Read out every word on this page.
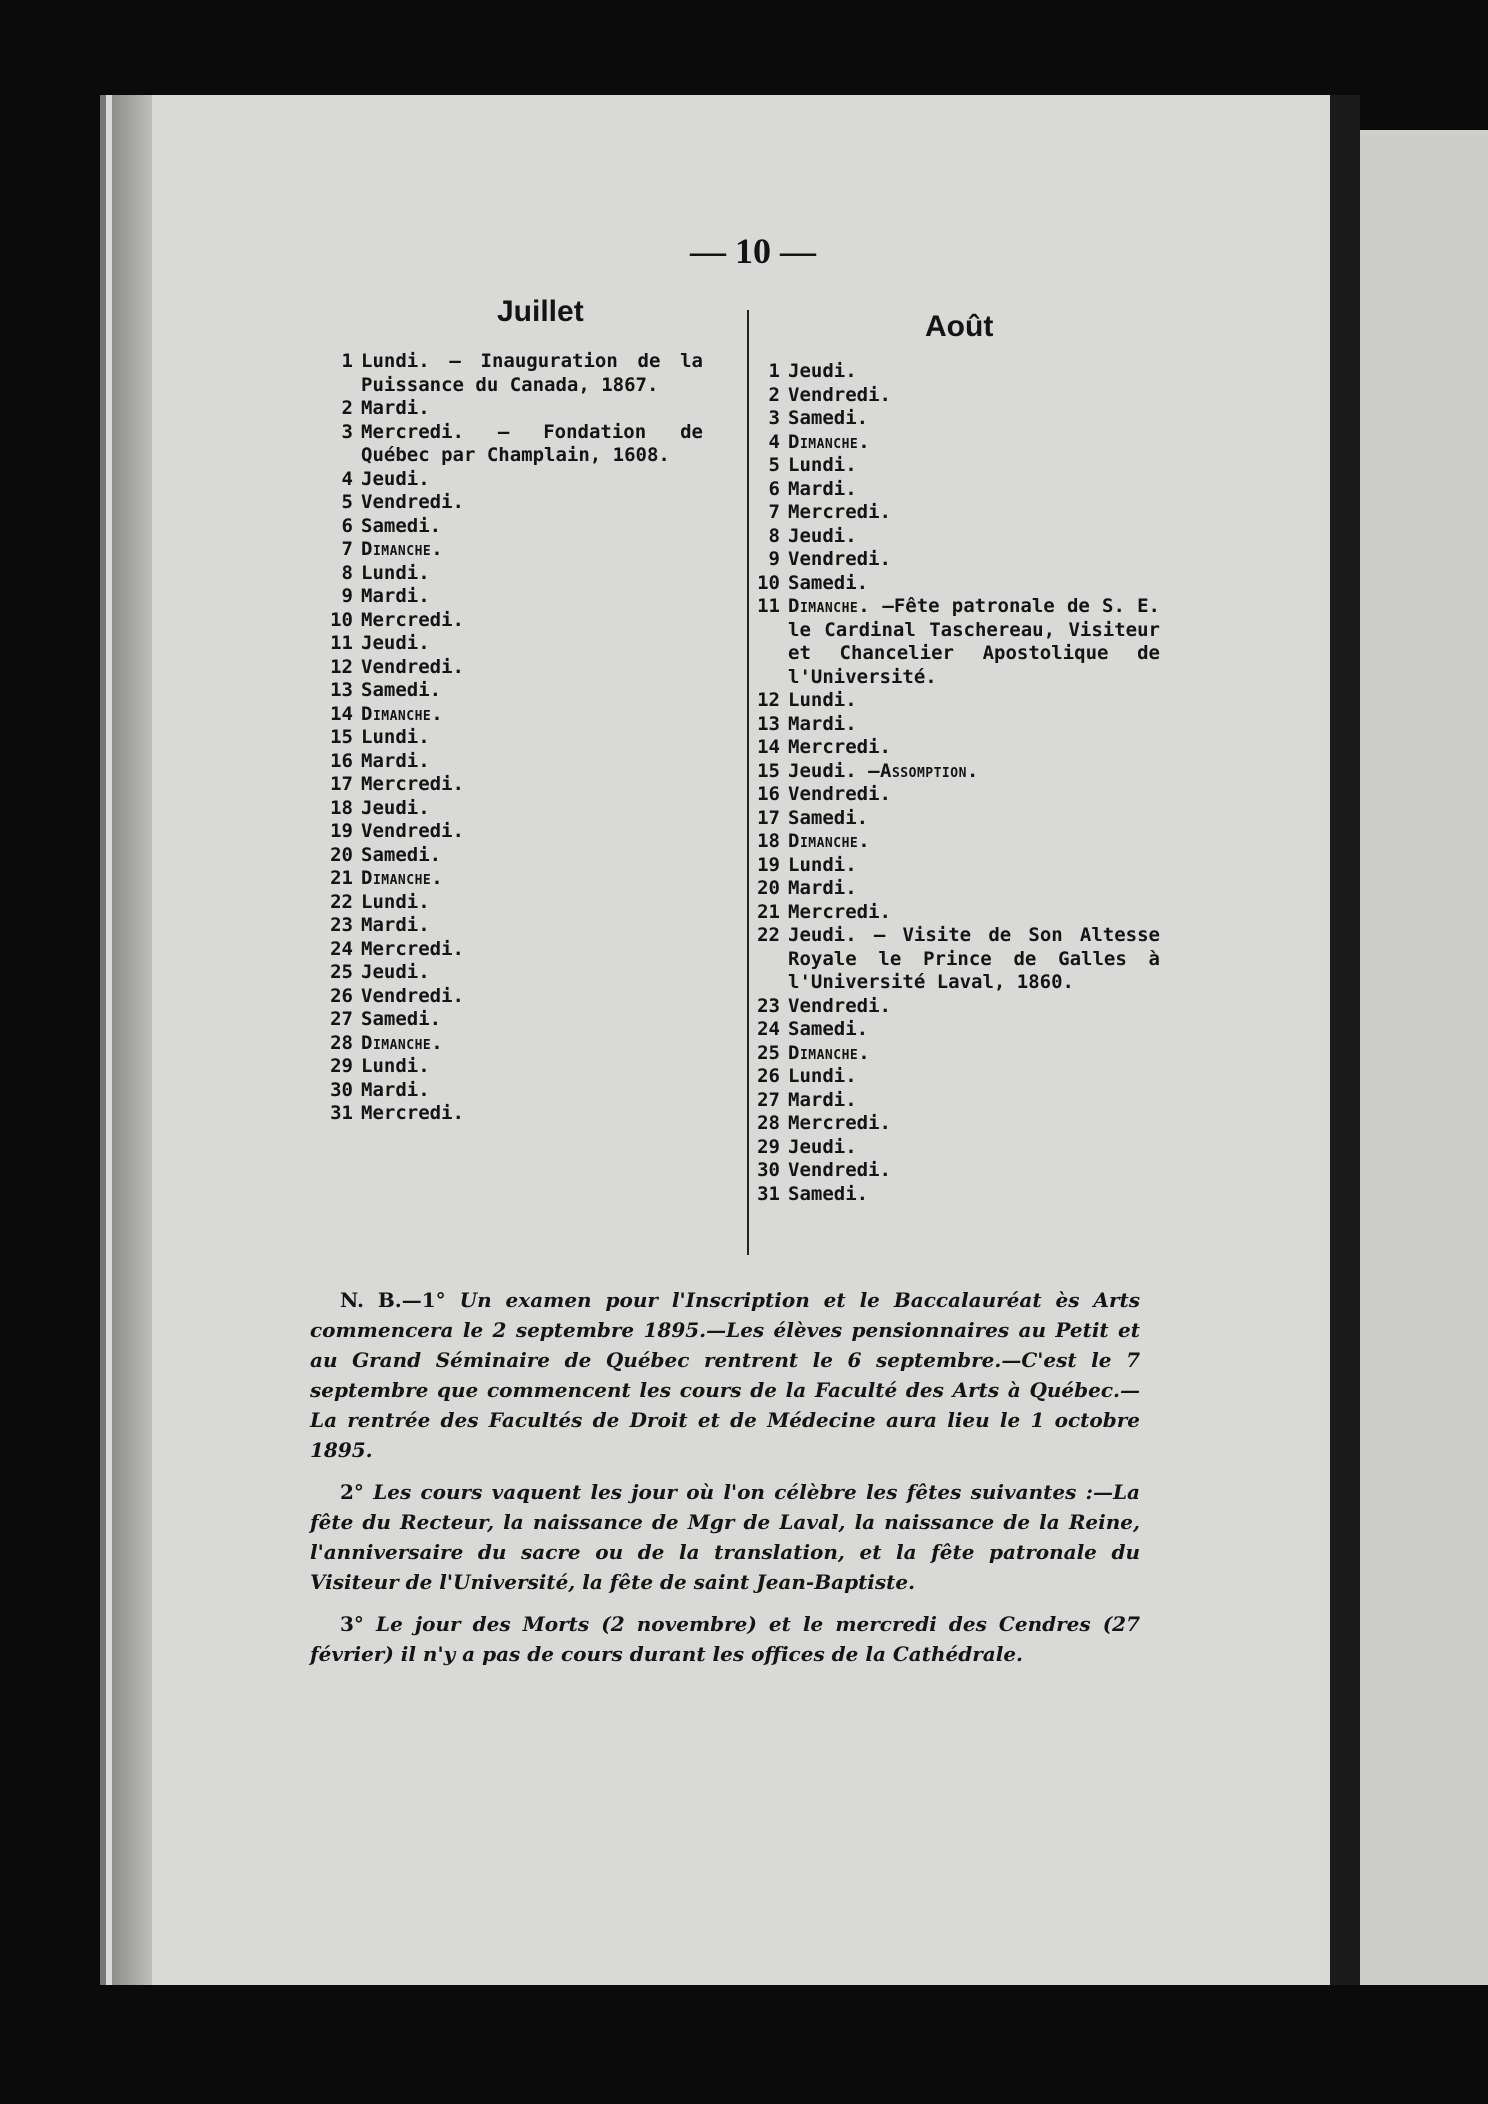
— 10 —
Juillet	Août
1 Lundi. — Inauguration de la Puissance du Canada, 1867.
2 Mardi.
3 Mercredi. — Fondation de Québec par Champlain, 1608.
4 Jeudi.
5 Vendredi.
6 Samedi.
7 Dimanche.
8 Lundi.
9 Mardi.
10 Mercredi.
11 Jeudi.
12 Vendredi.
13 Samedi.
14 Dimanche.
15 Lundi.
16 Mardi.
17 Mercredi.
18 Jeudi.
19 Vendredi.
20 Samedi.
21 Dimanche.
22 Lundi.
23 Mardi.
24 Mercredi.
25 Jeudi.
26 Vendredi.
27 Samedi.
28 Dimanche.
29 Lundi.
30 Mardi.
31 Mercredi.
1 Jeudi.
2 Vendredi.
3 Samedi.
4 Dimanche.
5 Lundi.
6 Mardi.
7 Mercredi.
8 Jeudi.
9 Vendredi.
10 Samedi.
11 Dimanche. —Fête patronale de S. E. le Cardinal Taschereau, Visiteur et Chancelier Apostolique de l'Université.
12 Lundi.
13 Mardi.
14 Mercredi.
15 Jeudi. —Assomption.
16 Vendredi.
17 Samedi.
18 Dimanche.
19 Lundi.
20 Mardi.
21 Mercredi.
22 Jeudi. — Visite de Son Altesse Royale le Prince de Galles à l'Université Laval, 1860.
23 Vendredi.
24 Samedi.
25 Dimanche.
26 Lundi.
27 Mardi.
28 Mercredi.
29 Jeudi.
30 Vendredi.
31 Samedi.

N. B.—1° Un examen pour l'Inscription et le Baccalauréat ès Arts commencera le 2 septembre 1895.—Les élèves pensionnaires au Petit et au Grand Séminaire de Québec rentrent le 6 septembre.—C'est le 7 septembre que commencent les cours de la Faculté des Arts à Québec.—La rentrée des Facultés de Droit et de Médecine aura lieu le 1 octobre 1895.

2° Les cours vaquent les jour où l'on célèbre les fêtes suivantes :—La fête du Recteur, la naissance de Mgr de Laval, la naissance de la Reine, l'anniversaire du sacre ou de la translation, et la fête patronale du Visiteur de l'Université, la fête de saint Jean-Baptiste.

3° Le jour des Morts (2 novembre) et le mercredi des Cendres (27 février) il n'y a pas de cours durant les offices de la Cathédrale.
